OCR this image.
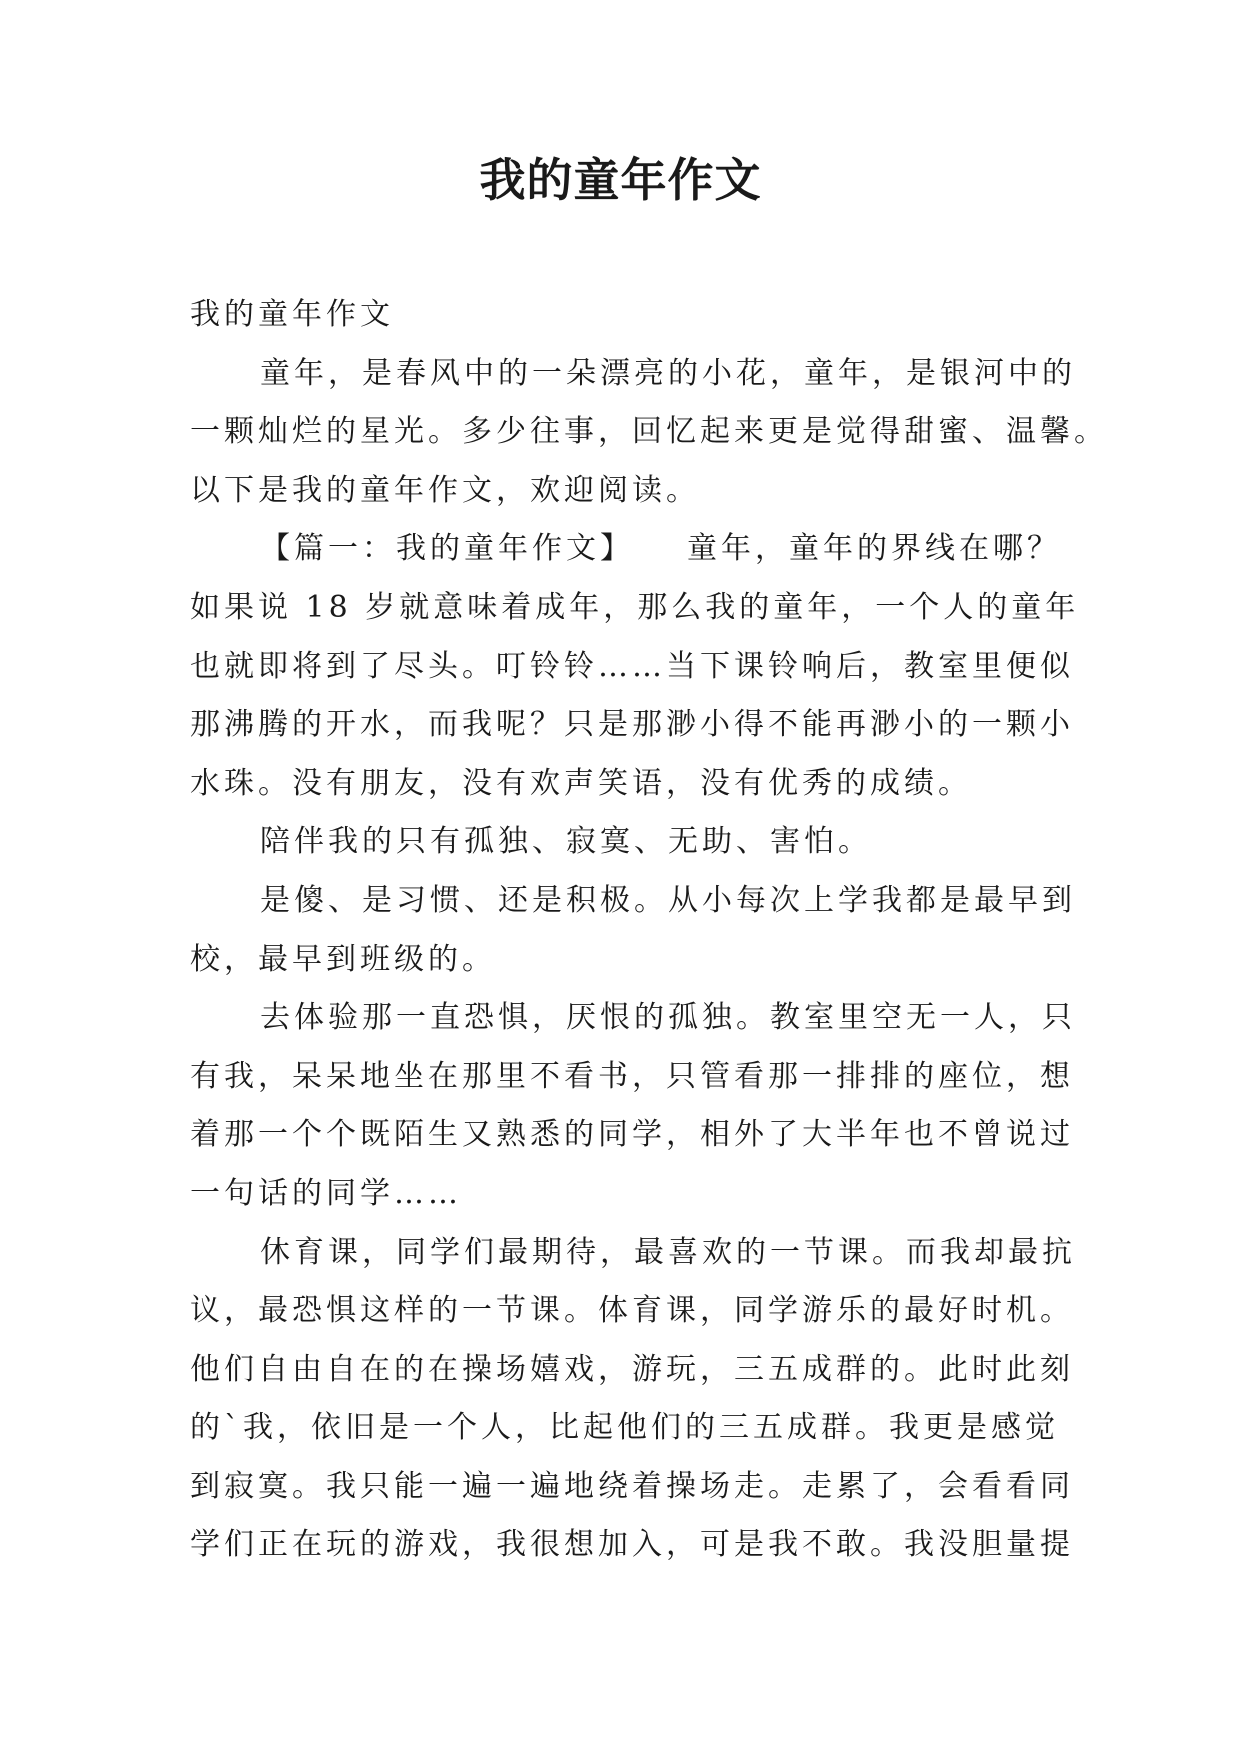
我的童年作文

我的童年作文

童年，是春风中的一朵漂亮的小花，童年，是银河中的

一颗灿烂的星光。多少往事，回忆起来更是觉得甜蜜、温馨。

以下是我的童年作文，欢迎阅读。

【篇一：我的童年作文】　　童年，童年的界线在哪？

如果说 18 岁就意味着成年，那么我的童年，一个人的童年

也就即将到了尽头。叮铃铃……当下课铃响后，教室里便似

那沸腾的开水，而我呢？只是那渺小得不能再渺小的一颗小

水珠。没有朋友，没有欢声笑语，没有优秀的成绩。

陪伴我的只有孤独、寂寞、无助、害怕。

是傻、是习惯、还是积极。从小每次上学我都是最早到

校，最早到班级的。

去体验那一直恐惧，厌恨的孤独。教室里空无一人，只

有我，呆呆地坐在那里不看书，只管看那一排排的座位，想

着那一个个既陌生又熟悉的同学，相外了大半年也不曾说过

一句话的同学……

休育课，同学们最期待，最喜欢的一节课。而我却最抗

议，最恐惧这样的一节课。体育课，同学游乐的最好时机。

他们自由自在的在操场嬉戏，游玩，三五成群的。此时此刻

的`我，依旧是一个人，比起他们的三五成群。我更是感觉

到寂寞。我只能一遍一遍地绕着操场走。走累了，会看看同

学们正在玩的游戏，我很想加入，可是我不敢。我没胆量提
